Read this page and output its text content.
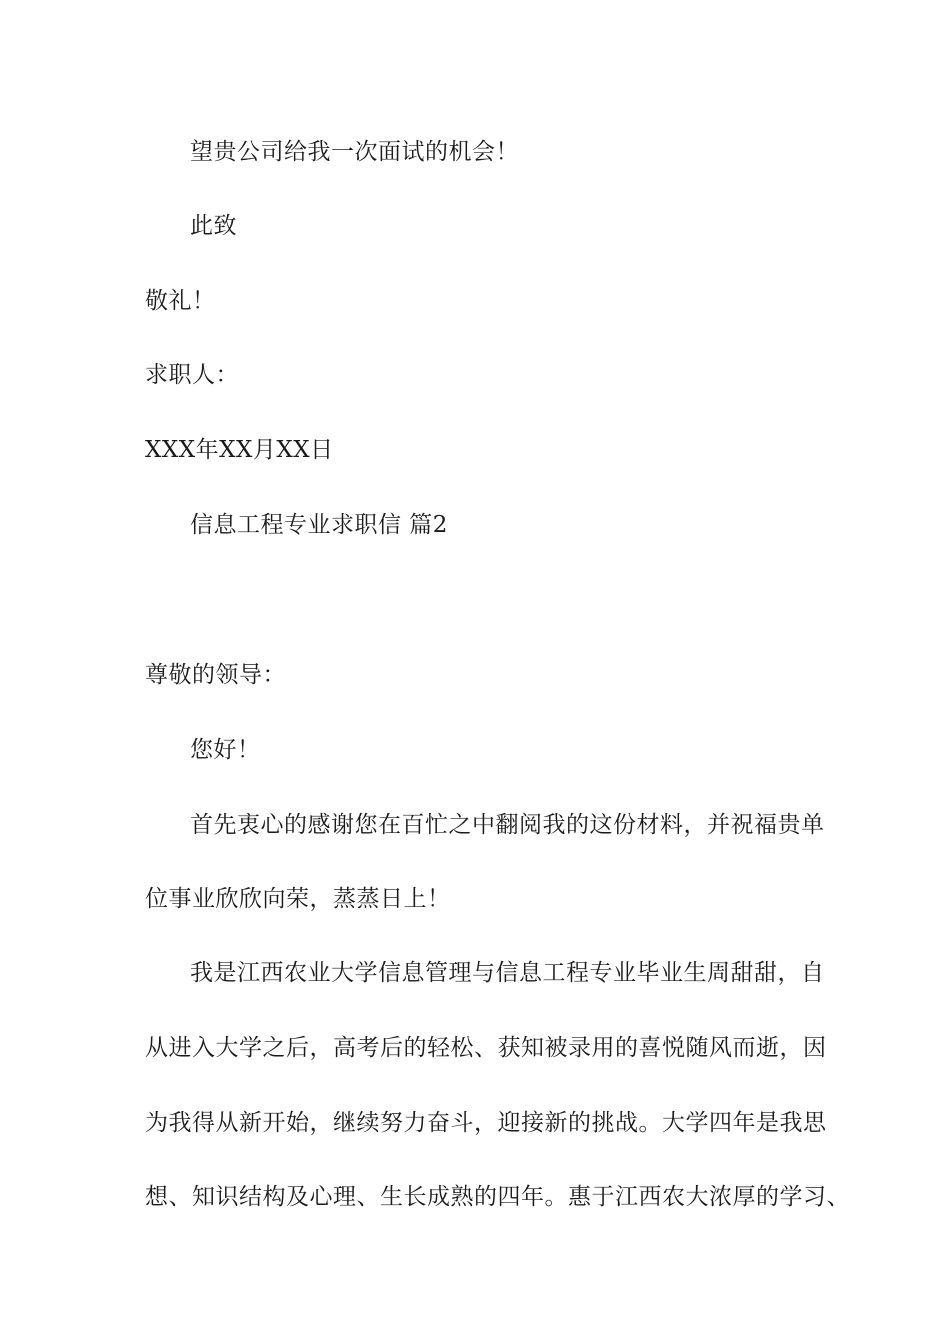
望贵公司给我一次面试的机会！
此致
敬礼！
求职人：
XXX年XX月XX日
信息工程专业求职信 篇2
尊敬的领导：
您好！
首先衷心的感谢您在百忙之中翻阅我的这份材料，并祝福贵单
位事业欣欣向荣，蒸蒸日上！
我是江西农业大学信息管理与信息工程专业毕业生周甜甜，自
从进入大学之后，高考后的轻松、获知被录用的喜悦随风而逝，因
为我得从新开始，继续努力奋斗，迎接新的挑战。大学四年是我思
想、知识结构及心理、生长成熟的四年。惠于江西农大浓厚的学习、
